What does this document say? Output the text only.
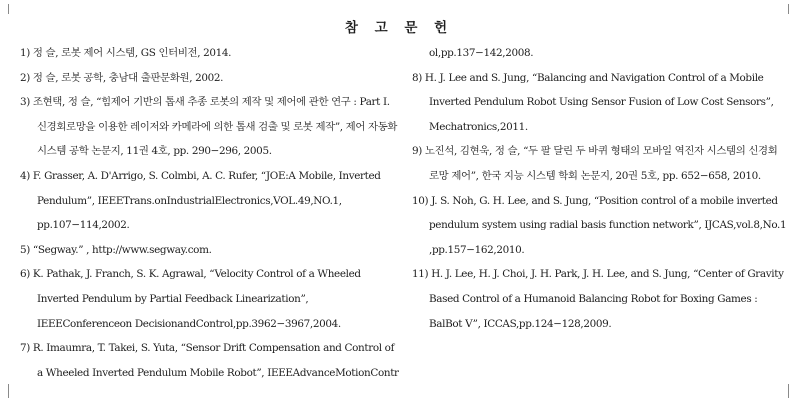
참 고 문 헌

1) 정 슬, 로봇 제어 시스템, GS 인터비전, 2014.

2) 정 슬, 로봇 공학, 충남대 출판문화원, 2002.

3) 조현택, 정 슬, “힘제어 기반의 톱새 추종 로봇의 제작 및 제어에 관한 연구 : Part I. 신경회로망을 이용한 레이저와 카메라에 의한 톱새 검출 및 로봇 제작”, 제어 자동화 시스템 공학 논문지, 11권 4호, pp. 290−296, 2005.

4) F. Grasser, A. D'Arrigo, S. Colmbi, A. C. Rufer, “JOE:A Mobile, Inverted Pendulum”, IEEETrans.onIndustrialElectronics,VOL.49,NO.1, pp.107−114,2002.

5) “Segway.” , http://www.segway.com.

6) K. Pathak, J. Franch, S. K. Agrawal, “Velocity Control of a Wheeled Inverted Pendulum by Partial Feedback Linearization”, IEEEConferenceon DecisionandControl,pp.3962−3967,2004.

7) R. Imaumra, T. Takei, S. Yuta, “Sensor Drift Compensation and Control of a Wheeled Inverted Pendulum Mobile Robot”, IEEEAdvanceMotionContr

ol,pp.137−142,2008.

8) H. J. Lee and S. Jung, “Balancing and Navigation Control of a Mobile Inverted Pendulum Robot Using Sensor Fusion of Low Cost Sensors”, Mechatronics,2011.

9) 노진석, 김현욱, 정 슬, “두 팔 달린 두 바퀴 형태의 모바일 역진자 시스템의 신경회로망 제어”, 한국 지능 시스템 학회 논문지, 20권 5호, pp. 652−658, 2010.

10) J. S. Noh, G. H. Lee, and S. Jung, “Position control of a mobile inverted pendulum system using radial basis function network”, IJCAS,vol.8,No.1 ,pp.157−162,2010.

11) H. J. Lee, H. J. Choi, J. H. Park, J. H. Lee, and S. Jung, “Center of Gravity Based Control of a Humanoid Balancing Robot for Boxing Games : BalBot V”, ICCAS,pp.124−128,2009.
